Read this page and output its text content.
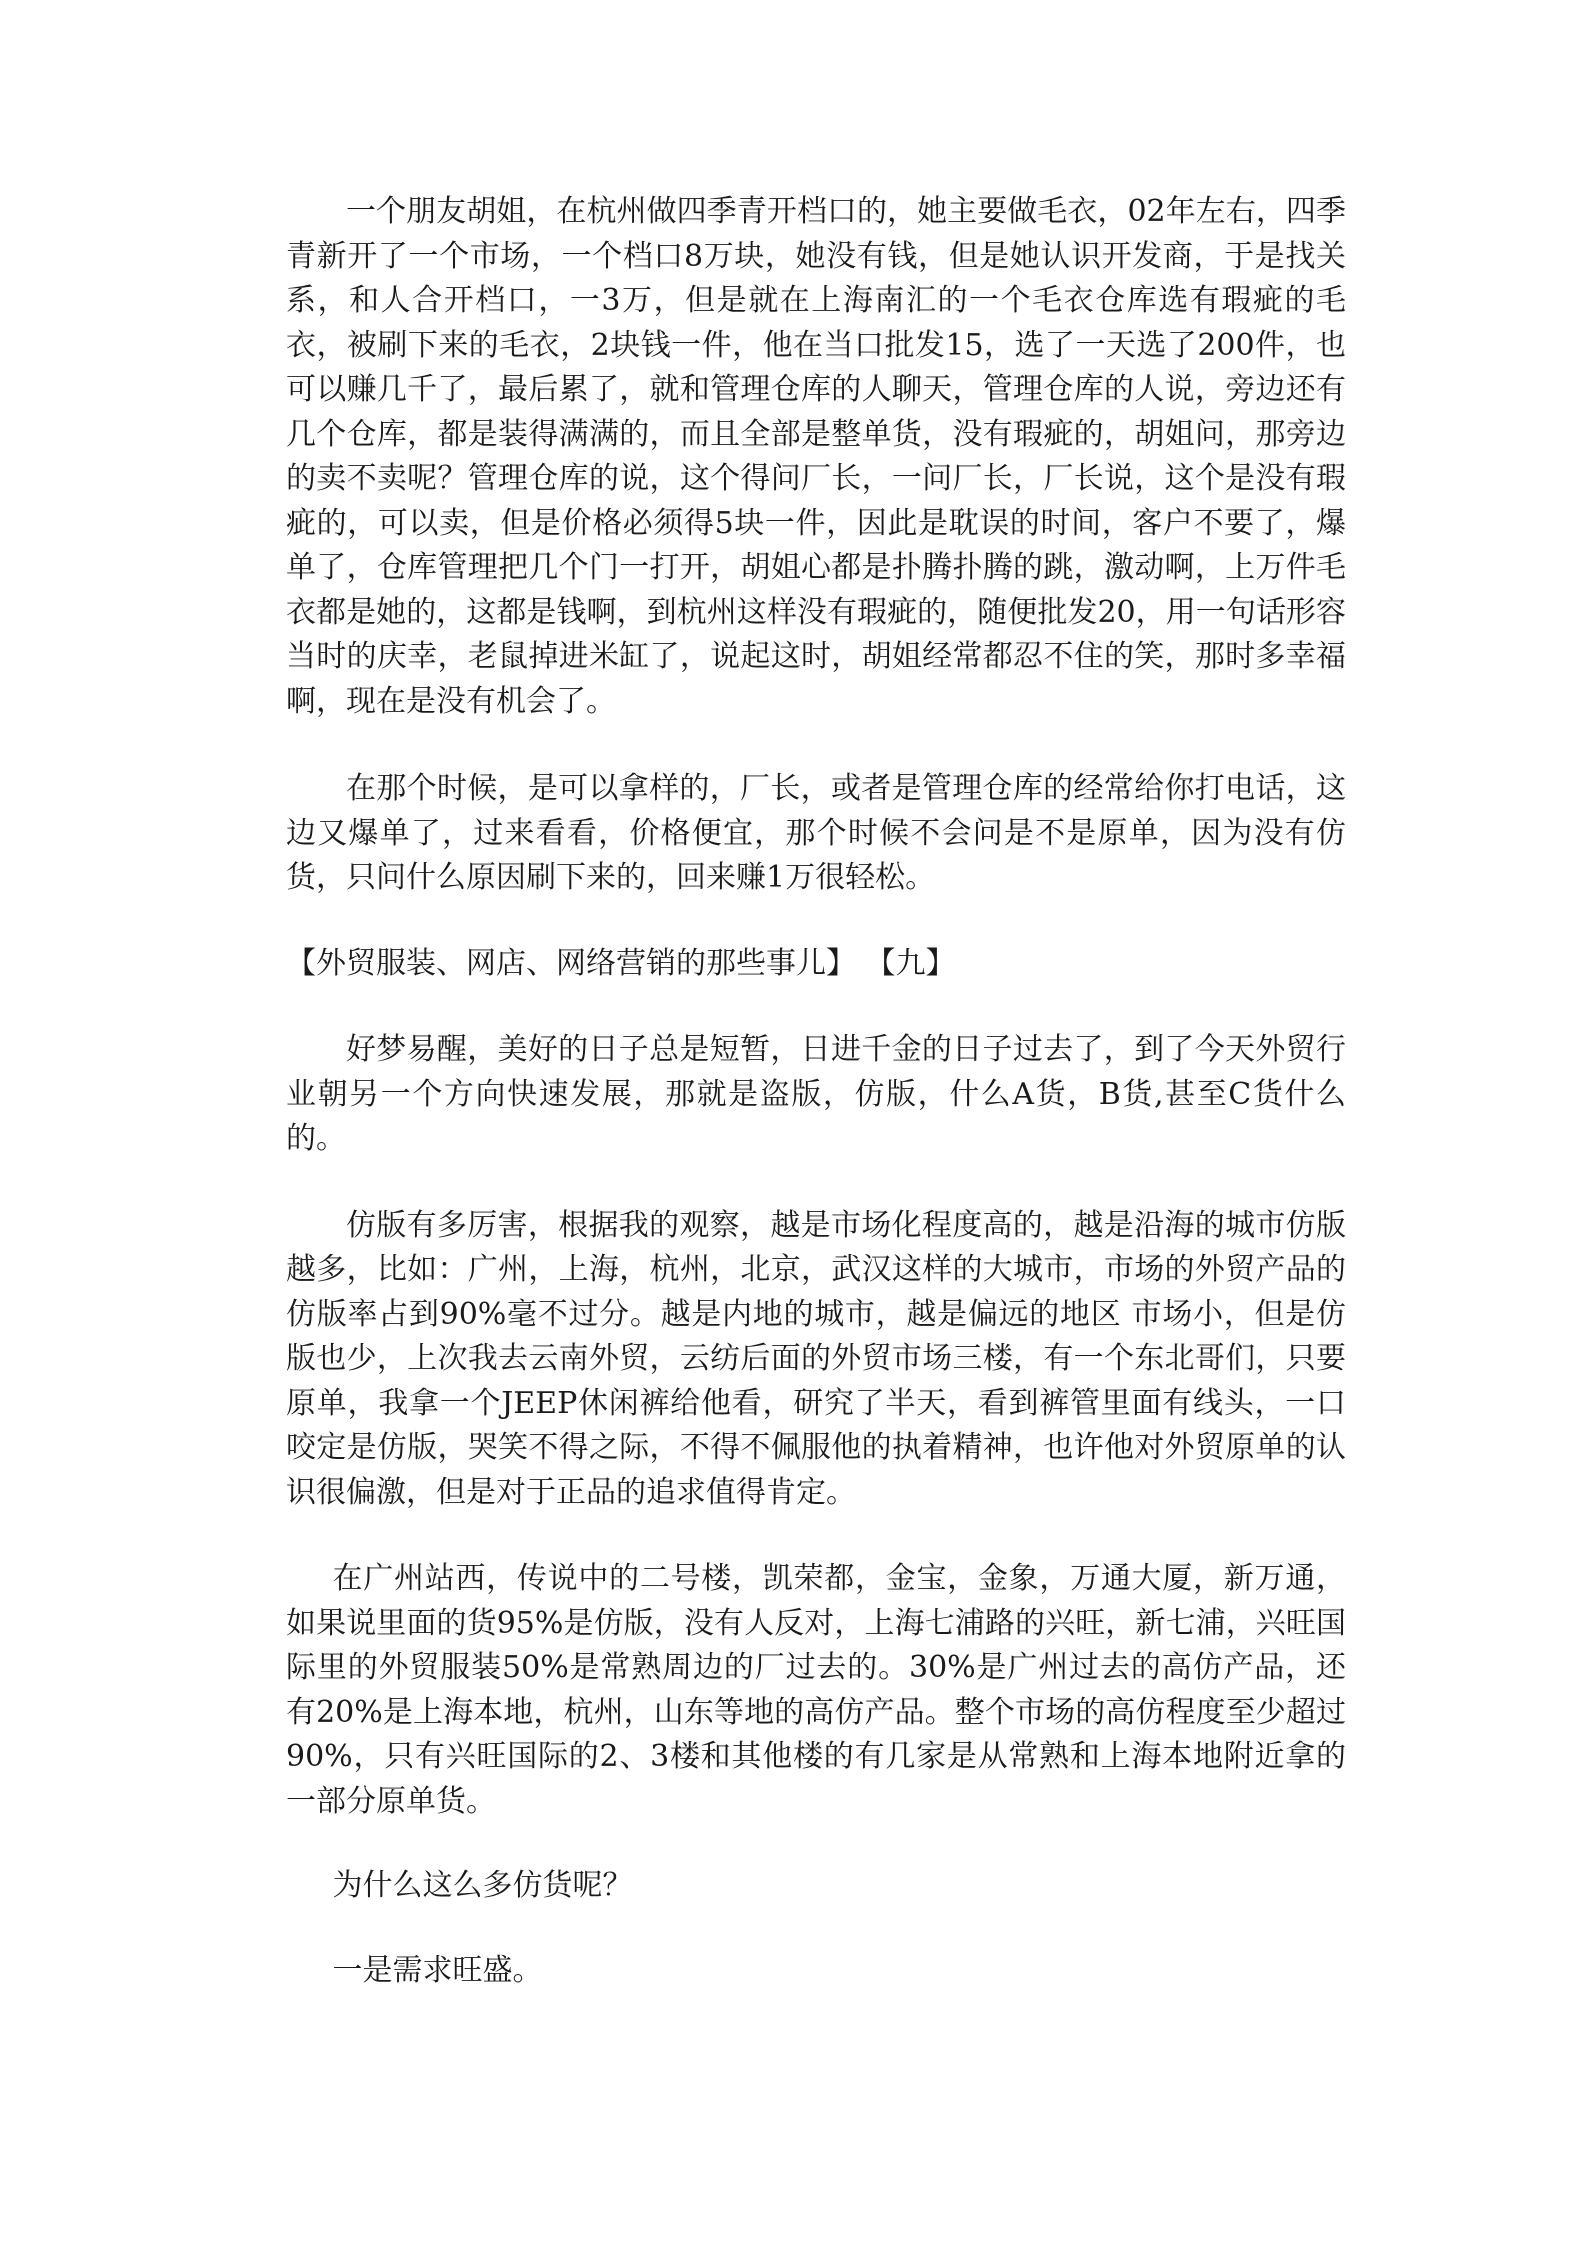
一个朋友胡姐，在杭州做四季青开档口的，她主要做毛衣，02年左右，四季青新开了一个市场，一个档口8万块，她没有钱，但是她认识开发商，于是找关系，和人合开档口，一3万，但是就在上海南汇的一个毛衣仓库选有瑕疵的毛衣，被刷下来的毛衣，2块钱一件，他在当口批发15，选了一天选了200件，也可以赚几千了，最后累了，就和管理仓库的人聊天，管理仓库的人说，旁边还有几个仓库，都是装得满满的，而且全部是整单货，没有瑕疵的，胡姐问，那旁边的卖不卖呢？管理仓库的说，这个得问厂长，一问厂长，厂长说，这个是没有瑕疵的，可以卖，但是价格必须得5块一件，因此是耽误的时间，客户不要了，爆单了，仓库管理把几个门一打开，胡姐心都是扑腾扑腾的跳，激动啊，上万件毛衣都是她的，这都是钱啊，到杭州这样没有瑕疵的，随便批发20，用一句话形容当时的庆幸，老鼠掉进米缸了，说起这时，胡姐经常都忍不住的笑，那时多幸福啊，现在是没有机会了。

在那个时候，是可以拿样的，厂长，或者是管理仓库的经常给你打电话，这边又爆单了，过来看看，价格便宜，那个时候不会问是不是原单，因为没有仿货，只问什么原因刷下来的，回来赚1万很轻松。

【外贸服装、网店、网络营销的那些事儿】 【九】

好梦易醒，美好的日子总是短暂，日进千金的日子过去了，到了今天外贸行业朝另一个方向快速发展，那就是盗版，仿版，什么A货，B货,甚至C货什么的。

仿版有多厉害，根据我的观察，越是市场化程度高的，越是沿海的城市仿版越多，比如：广州，上海，杭州，北京，武汉这样的大城市，市场的外贸产品的仿版率占到90%毫不过分。越是内地的城市，越是偏远的地区 市场小，但是仿版也少，上次我去云南外贸，云纺后面的外贸市场三楼，有一个东北哥们，只要原单，我拿一个JEEP休闲裤给他看，研究了半天，看到裤管里面有线头，一口咬定是仿版，哭笑不得之际，不得不佩服他的执着精神，也许他对外贸原单的认识很偏激，但是对于正品的追求值得肯定。

在广州站西，传说中的二号楼，凯荣都，金宝，金象，万通大厦，新万通，如果说里面的货95%是仿版，没有人反对，上海七浦路的兴旺，新七浦，兴旺国际里的外贸服装50%是常熟周边的厂过去的。30%是广州过去的高仿产品，还有20%是上海本地，杭州，山东等地的高仿产品。整个市场的高仿程度至少超过90%，只有兴旺国际的2、3楼和其他楼的有几家是从常熟和上海本地附近拿的一部分原单货。

为什么这么多仿货呢？

一是需求旺盛。
